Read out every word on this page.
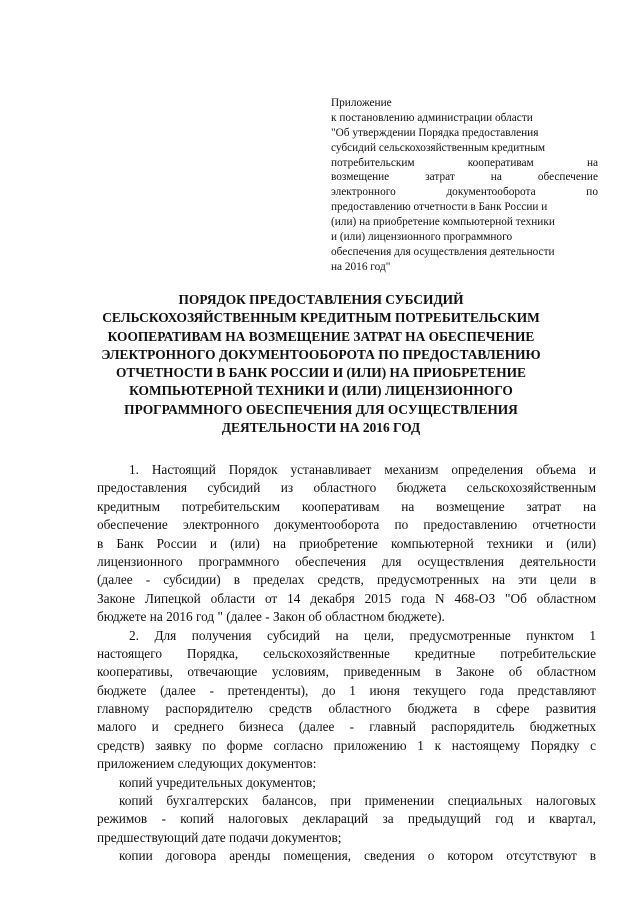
Приложение
к постановлению администрации области
"Об утверждении Порядка предоставления
субсидий сельскохозяйственным кредитным
потребительским	кооперативам	на
возмещение	затрат	на	обеспечение
электронного	документооборота	по
предоставлению отчетности в Банк России и
(или) на приобретение компьютерной техники
и (или) лицензионного программного
обеспечения для осуществления деятельности
на 2016 год"
ПОРЯДОК ПРЕДОСТАВЛЕНИЯ СУБСИДИЙ
СЕЛЬСКОХОЗЯЙСТВЕННЫМ КРЕДИТНЫМ ПОТРЕБИТЕЛЬСКИМ
КООПЕРАТИВАМ НА ВОЗМЕЩЕНИЕ ЗАТРАТ НА ОБЕСПЕЧЕНИЕ
ЭЛЕКТРОННОГО ДОКУМЕНТООБОРОТА ПО ПРЕДОСТАВЛЕНИЮ
ОТЧЕТНОСТИ В БАНК РОССИИ И (ИЛИ) НА ПРИОБРЕТЕНИЕ
КОМПЬЮТЕРНОЙ ТЕХНИКИ И (ИЛИ) ЛИЦЕНЗИОННОГО
ПРОГРАММНОГО ОБЕСПЕЧЕНИЯ ДЛЯ ОСУЩЕСТВЛЕНИЯ
ДЕЯТЕЛЬНОСТИ НА 2016 ГОД
1. Настоящий Порядок устанавливает механизм определения объема и
предоставления субсидий из областного бюджета сельскохозяйственным
кредитным потребительским кооперативам на возмещение затрат на
обеспечение электронного документооборота по предоставлению отчетности
в Банк России и (или) на приобретение компьютерной техники и (или)
лицензионного программного обеспечения для осуществления деятельности
(далее - субсидии) в пределах средств, предусмотренных на эти цели в
Законе Липецкой области от 14 декабря 2015 года N 468-ОЗ "Об областном
бюджете на 2016 год " (далее - Закон об областном бюджете).
2. Для получения субсидий на цели, предусмотренные пунктом 1
настоящего Порядка, сельскохозяйственные кредитные потребительские
кооперативы, отвечающие условиям, приведенным в Законе об областном
бюджете (далее - претенденты), до 1 июня текущего года представляют
главному распорядителю средств областного бюджета в сфере развития
малого и среднего бизнеса (далее - главный распорядитель бюджетных
средств) заявку по форме согласно приложению 1 к настоящему Порядку с
приложением следующих документов:
копий учредительных документов;
копий бухгалтерских балансов, при применении специальных налоговых
режимов - копий налоговых деклараций за предыдущий год и квартал,
предшествующий дате подачи документов;
копии договора аренды помещения, сведения о котором отсутствуют в
